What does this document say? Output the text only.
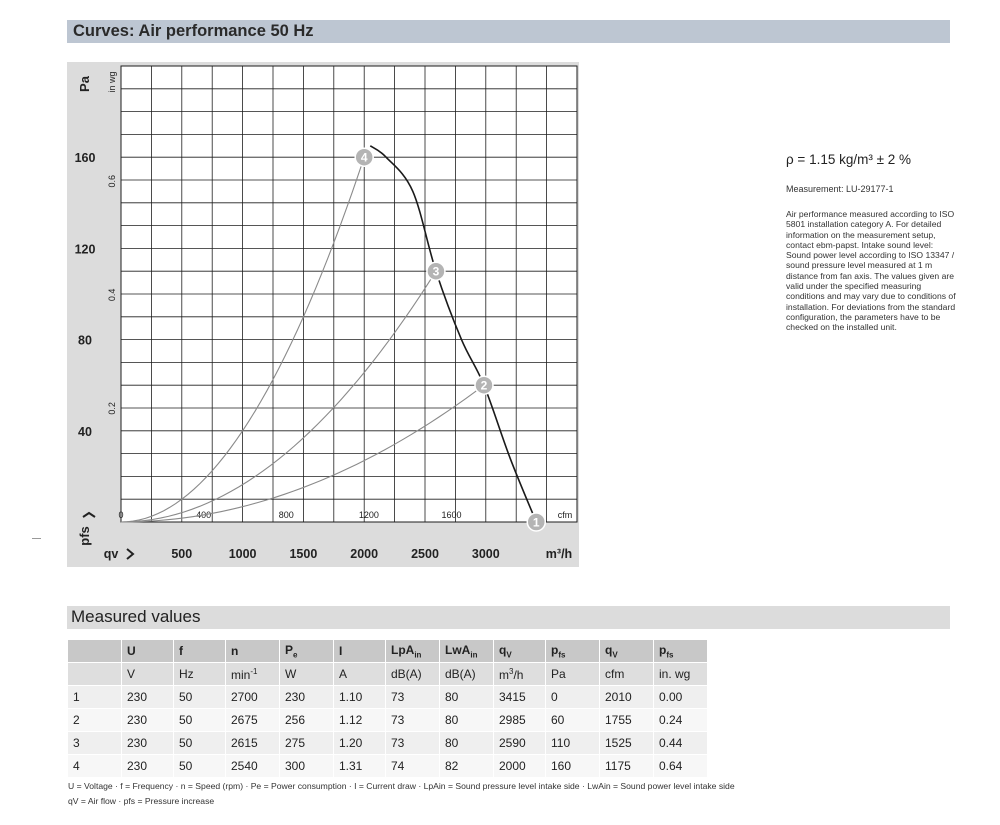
Curves: Air performance 50 Hz
0	400	800	1200	1600	cfm
0.2
0.4
0.6
in wg
40
80
120
160
Pa
pfs
500	1000	1500	2000	2500	3000
qv	m³/h
1
2
3
4	ρ = 1.15 kg/m³ ± 2 %
Measurement: LU-29177-1
Air performance measured according to ISO 5801 installation category A. For detailed information on the measurement setup, contact ebm-papst. Intake sound level: Sound power level according to ISO 13347 / sound pressure level measured at 1 m distance from fan axis. The values given are valid under the specified measuring conditions and may vary due to conditions of installation. For deviations from the standard configuration, the parameters have to be checked on the installed unit.
Measured values
	U	f	n	$P_e$	I	LpA$_{in}$	LwA$_{in}$	$q_V$	$p_{fs}$	$q_V$	$p_{fs}$
	V	Hz	$\min^{-1}$	W	A	dB(A)	dB(A)	$m^3/h$	Pa	cfm	in. wg
1	230	50	2700	230	1.10	73	80	3415	0	2010	0.00
2	230	50	2675	256	1.12	73	80	2985	60	1755	0.24
3	230	50	2615	275	1.20	73	80	2590	110	1525	0.44
4	230	50	2540	300	1.31	74	82	2000	160	1175	0.64
U = Voltage · f = Frequency · n = Speed (rpm) · Pe = Power consumption · I = Current draw · LpAin = Sound pressure level intake side · LwAin = Sound power level intake side
qV = Air flow · pfs = Pressure increase
